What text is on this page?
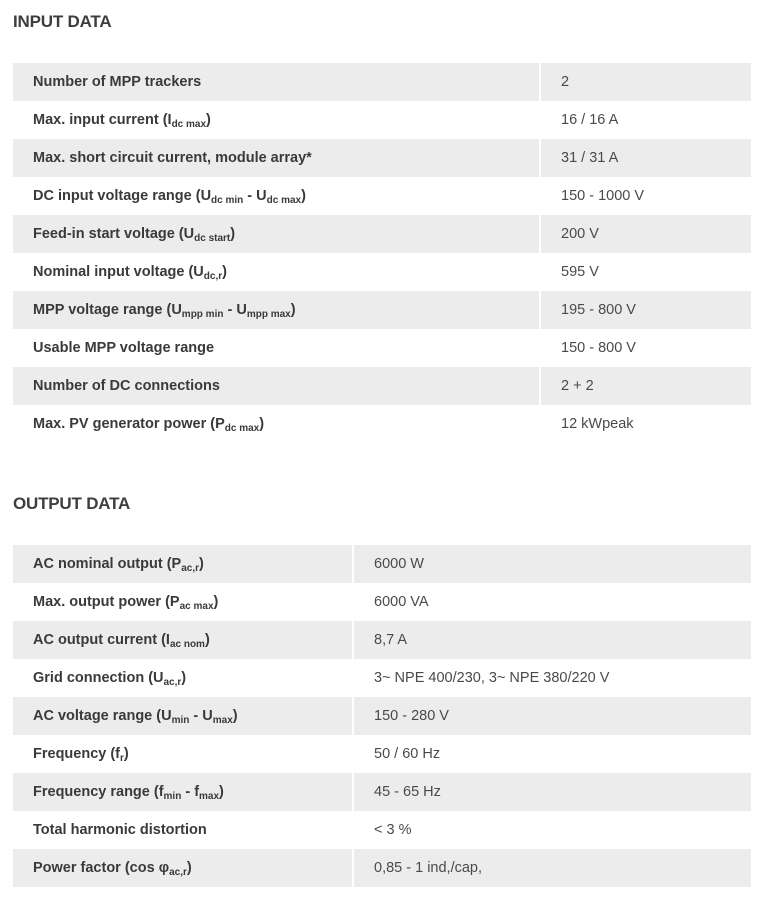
INPUT DATA
Number of MPP trackers	2
Max. input current $(I_{dc max})$	16 / 16 A
Max. short circuit current, module array*	31 / 31 A
DC input voltage range $(U_{dc min} - U_{dc max})$	150 - 1000 V
Feed-in start voltage $(U_{dc start})$	200 V
Nominal input voltage $(U_{dc,r})$	595 V
MPP voltage range $(U_{mpp min} - U_{mpp max})$	195 - 800 V
Usable MPP voltage range	150 - 800 V
Number of DC connections	2 + 2
Max. PV generator power $(P_{dc max})$	12 kWpeak
OUTPUT DATA
AC nominal output $(P_{ac,r})$	6000 W
Max. output power $(P_{ac max})$	6000 VA
AC output current $(I_{ac nom})$	8,7 A
Grid connection $(U_{ac,r})$	3~ NPE 400/230, 3~ NPE 380/220 V
AC voltage range $(U_{min} - U_{max})$	150 - 280 V
Frequency $(f_r)$	50 / 60 Hz
Frequency range $(f_{min} - f_{max})$	45 - 65 Hz
Total harmonic distortion	< 3 %
Power factor (cos $\varphi_{ac,r}$)	0,85 - 1 ind,/cap,
